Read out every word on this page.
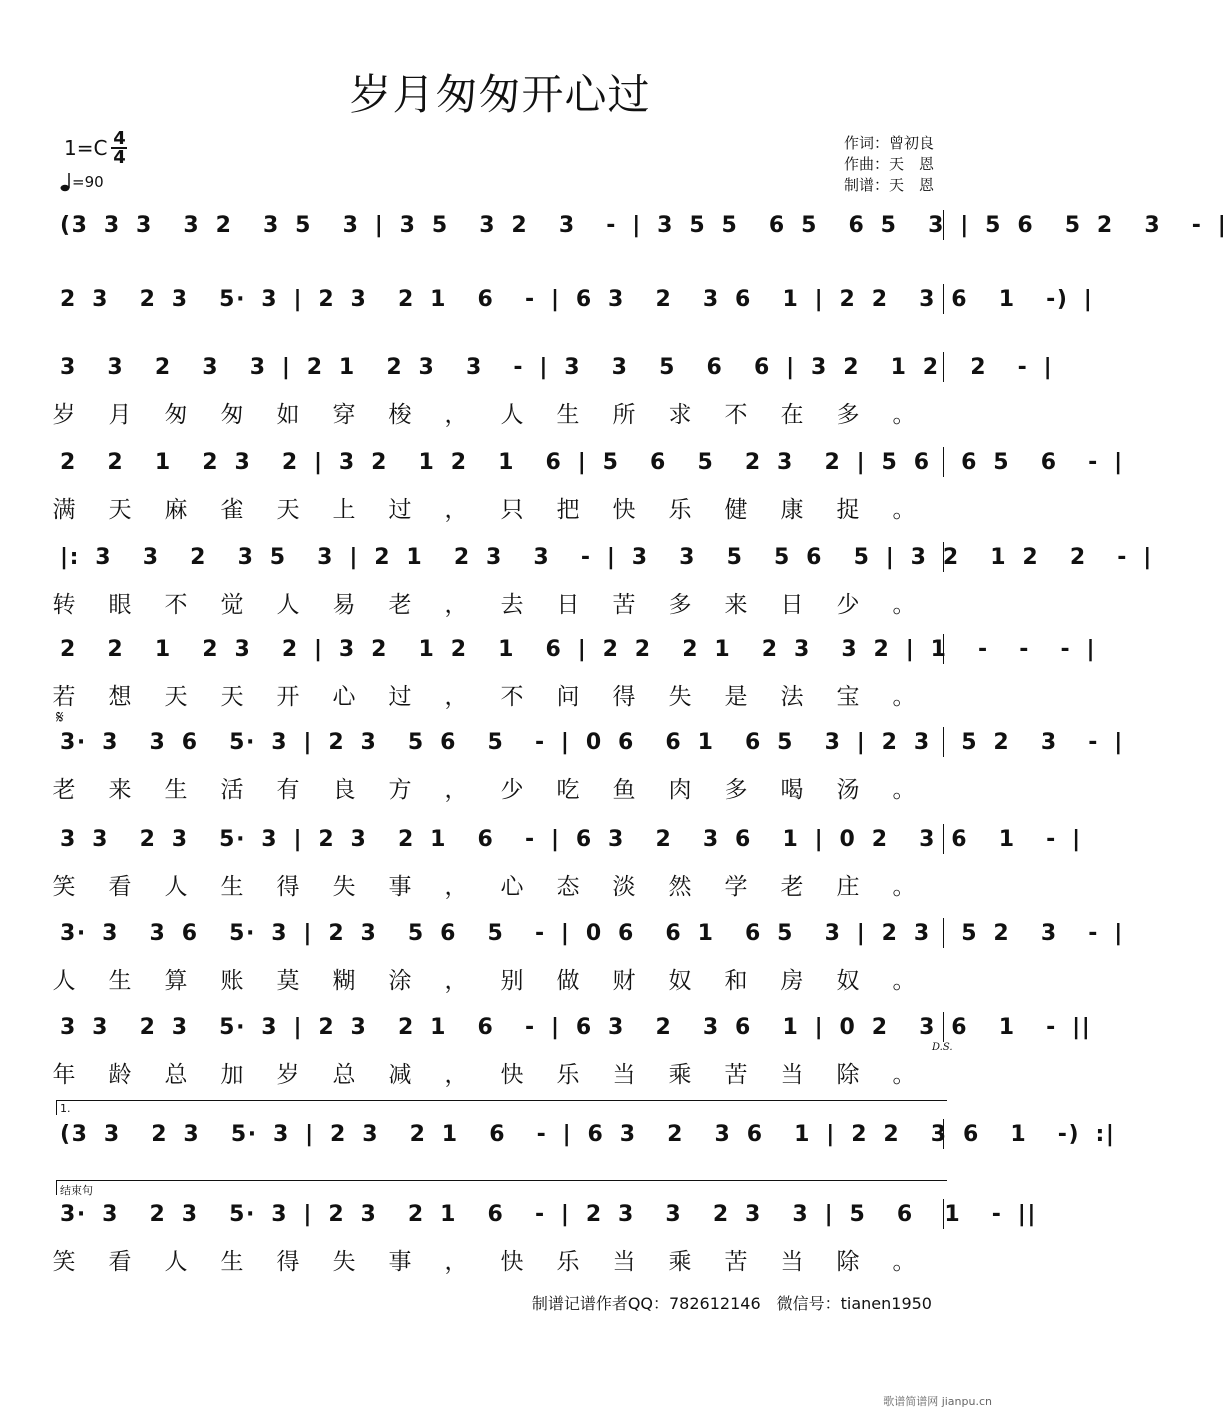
岁月匆匆开心过
$1=C \frac{4}{4}$
=90
作词：曾初良
作曲：天　恩
制谱：天　恩
(3 3 3  3 2  3 5  3 | 3 5  3 2  3  - | 3 5 5  6 5  6 5  3 | 5 6  5 2  3  - |
2 3  2 3  5· 3 | 2 3  2 1  6  - | 6 3  2  3 6  1 | 2 2  3 6  1  -) |
3  3  2  3  3 | 2 1  2 3  3  - | 3  3  5  6  6 | 3 2  1 2  2  - |
岁 月 匆 匆 如 穿 梭 ， 人 生 所 求 不 在 多 。
2  2  1  2 3  2 | 3 2  1 2  1  6 | 5  6  5  2 3  2 | 5 6  6 5  6  - |
满 天 麻 雀 天 上 过 ， 只 把 快 乐 健 康 捉 。
|: 3  3  2  3 5  3 | 2 1  2 3  3  - | 3  3  5  5 6  5 | 3 2  1 2  2  - |
转 眼 不 觉 人 易 老 ， 去 日 苦 多 来 日 少 。
2  2  1  2 3  2 | 3 2  1 2  1  6 | 2 2  2 1  2 3  3 2 | 1  -  -  - |
若 想 天 天 开 心 过 ， 不 问 得 失 是 法 宝 。
3· 3  3 6  5· 3 | 2 3  5 6  5  - | 0 6  6 1  6 5  3 | 2 3  5 2  3  - |
老 来 生 活 有 良 方 ， 少 吃 鱼 肉 多 喝 汤 。
3 3  2 3  5· 3 | 2 3  2 1  6  - | 6 3  2  3 6  1 | 0 2  3 6  1  - |
笑 看 人 生 得 失 事 ， 心 态 淡 然 学 老 庄 。
3· 3  3 6  5· 3 | 2 3  5 6  5  - | 0 6  6 1  6 5  3 | 2 3  5 2  3  - |
人 生 算 账 莫 糊 涂 ， 别 做 财 奴 和 房 奴 。
3 3  2 3  5· 3 | 2 3  2 1  6  - | 6 3  2  3 6  1 | 0 2  3 6  1  - ||
年 龄 总 加 岁 总 减 ， 快 乐 当 乘 苦 当 除 。
(3 3  2 3  5· 3 | 2 3  2 1  6  - | 6 3  2  3 6  1 | 2 2  3 6  1  -) :|
3· 3  2 3  5· 3 | 2 3  2 1  6  - | 2 3  3  2 3  3 | 5  6  1  - ||
笑 看 人 生 得 失 事 ， 快 乐 当 乘 苦 当 除 。
𝄋
D.S.
1.
结束句
制谱记谱作者QQ：782612146　微信号：tianen1950
歌谱简谱网 jianpu.cn
